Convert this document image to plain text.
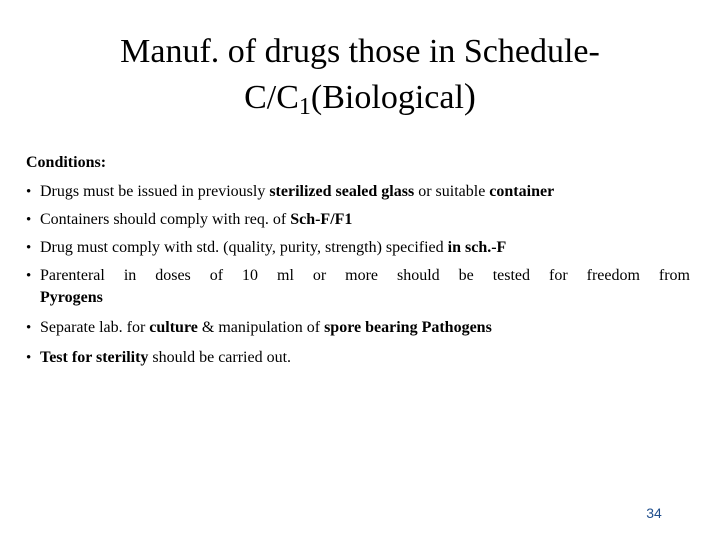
Manuf. of drugs those in Schedule-
$C/C_1(Biological)$
Conditions:
• Drugs must be issued in previously sterilized sealed glass or suitable container
• Containers should comply with req. of Sch-F/F1
• Drug must comply with std. (quality, purity, strength) specified in sch.-F
• Parenteral in doses of 10 ml or more should be tested for freedom from
Pyrogens
• Separate lab. for culture & manipulation of spore bearing Pathogens
• Test for sterility should be carried out.
34
